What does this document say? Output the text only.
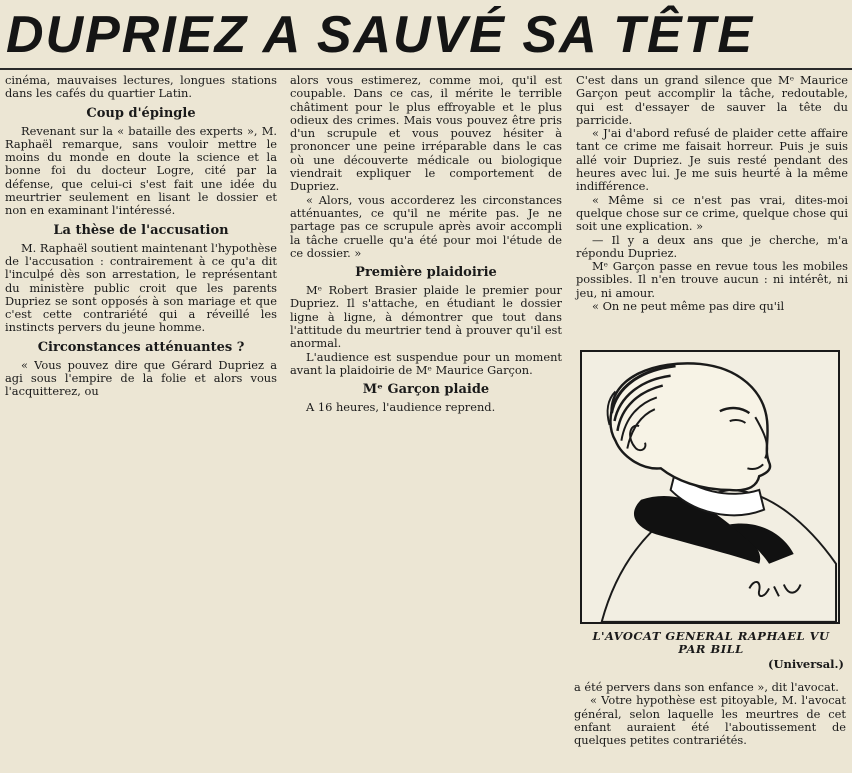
DUPRIEZ A SAUVÉ SA TÊTE

cinéma, mauvaises lectures, longues stations dans les cafés du quartier Latin.

Coup d'épingle

Revenant sur la « bataille des experts », M. Raphaël remarque, sans vouloir mettre le moins du monde en doute la science et la bonne foi du docteur Logre, cité par la défense, que celui-ci s'est fait une idée du meurtrier seulement en lisant le dossier et non en examinant l'intéressé.

La thèse de l'accusation

M. Raphaël soutient maintenant l'hypothèse de l'accusation : contrairement à ce qu'a dit l'inculpé dès son arrestation, le représentant du ministère public croit que les parents Dupriez se sont opposés à son mariage et que c'est cette contrariété qui a réveillé les instincts pervers du jeune homme.

Circonstances atténuantes ?

« Vous pouvez dire que Gérard Dupriez a agi sous l'empire de la folie et alors vous l'acquitterez, ou

alors vous estimerez, comme moi, qu'il est coupable. Dans ce cas, il mérite le terrible châtiment pour le plus effroyable et le plus odieux des crimes. Mais vous pouvez être pris d'un scrupule et vous pouvez hésiter à prononcer une peine irréparable dans le cas où une découverte médicale ou biologique viendrait expliquer le comportement de Dupriez.

« Alors, vous accorderez les circonstances atténuantes, ce qu'il ne mérite pas. Je ne partage pas ce scrupule après avoir accompli la tâche cruelle qu'a été pour moi l'étude de ce dossier. »

Première plaidoirie

Mᵉ Robert Brasier plaide le premier pour Dupriez. Il s'attache, en étudiant le dossier ligne à ligne, à démontrer que tout dans l'attitude du meurtrier tend à prouver qu'il est anormal.

L'audience est suspendue pour un moment avant la plaidoirie de Mᵉ Maurice Garçon.

Mᵉ Garçon plaide

A 16 heures, l'audience reprend.

C'est dans un grand silence que Mᵉ Maurice Garçon peut accomplir la tâche, redoutable, qui est d'essayer de sauver la tête du parricide.

« J'ai d'abord refusé de plaider cette affaire tant ce crime me faisait horreur. Puis je suis allé voir Dupriez. Je suis resté pendant des heures avec lui. Je me suis heurté à la même indifférence.

« Même si ce n'est pas vrai, dites-moi quelque chose sur ce crime, quelque chose qui soit une explication. »

— Il y a deux ans que je cherche, m'a répondu Dupriez.

Mᵉ Garçon passe en revue tous les mobiles possibles. Il n'en trouve aucun : ni intérêt, ni jeu, ni amour.

« On ne peut même pas dire qu'il

L'AVOCAT GENERAL RAPHAEL VU PAR BILL
(Universal.)

a été pervers dans son enfance », dit l'avocat.

« Votre hypothèse est pitoyable, M. l'avocat général, selon laquelle les meurtres de cet enfant auraient été l'aboutissement de quelques petites contrariétés.
